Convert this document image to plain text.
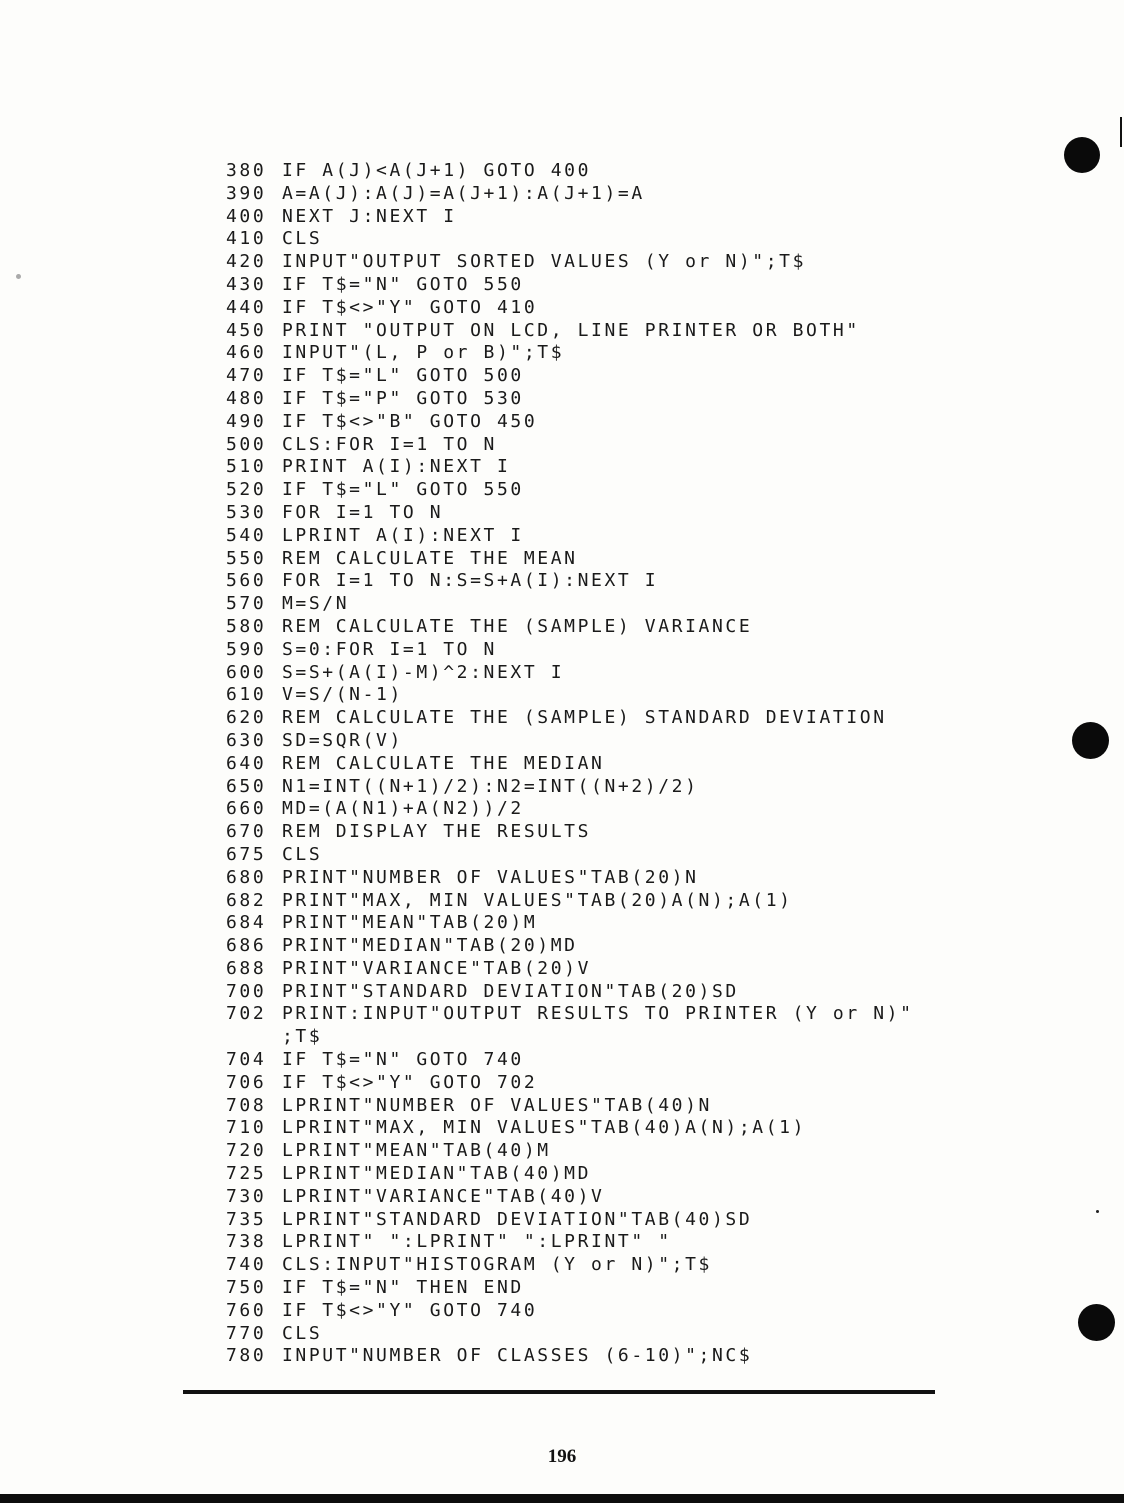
380 IF A(J)<A(J+1) GOTO 400
390 A=A(J):A(J)=A(J+1):A(J+1)=A
400 NEXT J:NEXT I
410 CLS
420 INPUT"OUTPUT SORTED VALUES (Y or N)";T$
430 IF T$="N" GOTO 550
440 IF T$<>"Y" GOTO 410
450 PRINT "OUTPUT ON LCD, LINE PRINTER OR BOTH"
460 INPUT"(L, P or B)";T$
470 IF T$="L" GOTO 500
480 IF T$="P" GOTO 530
490 IF T$<>"B" GOTO 450
500 CLS:FOR I=1 TO N
510 PRINT A(I):NEXT I
520 IF T$="L" GOTO 550
530 FOR I=1 TO N
540 LPRINT A(I):NEXT I
550 REM CALCULATE THE MEAN
560 FOR I=1 TO N:S=S+A(I):NEXT I
570 M=S/N
580 REM CALCULATE THE (SAMPLE) VARIANCE
590 S=0:FOR I=1 TO N
600 S=S+(A(I)-M)^2:NEXT I
610 V=S/(N-1)
620 REM CALCULATE THE (SAMPLE) STANDARD DEVIATION
630 SD=SQR(V)
640 REM CALCULATE THE MEDIAN
650 N1=INT((N+1)/2):N2=INT((N+2)/2)
660 MD=(A(N1)+A(N2))/2
670 REM DISPLAY THE RESULTS
675 CLS
680 PRINT"NUMBER OF VALUES"TAB(20)N
682 PRINT"MAX, MIN VALUES"TAB(20)A(N);A(1)
684 PRINT"MEAN"TAB(20)M
686 PRINT"MEDIAN"TAB(20)MD
688 PRINT"VARIANCE"TAB(20)V
700 PRINT"STANDARD DEVIATION"TAB(20)SD
702 PRINT:INPUT"OUTPUT RESULTS TO PRINTER (Y or N)"
;T$
704 IF T$="N" GOTO 740
706 IF T$<>"Y" GOTO 702
708 LPRINT"NUMBER OF VALUES"TAB(40)N
710 LPRINT"MAX, MIN VALUES"TAB(40)A(N);A(1)
720 LPRINT"MEAN"TAB(40)M
725 LPRINT"MEDIAN"TAB(40)MD
730 LPRINT"VARIANCE"TAB(40)V
735 LPRINT"STANDARD DEVIATION"TAB(40)SD
738 LPRINT" ":LPRINT" ":LPRINT" "
740 CLS:INPUT"HISTOGRAM (Y or N)";T$
750 IF T$="N" THEN END
760 IF T$<>"Y" GOTO 740
770 CLS
780 INPUT"NUMBER OF CLASSES (6-10)";NC$
196
